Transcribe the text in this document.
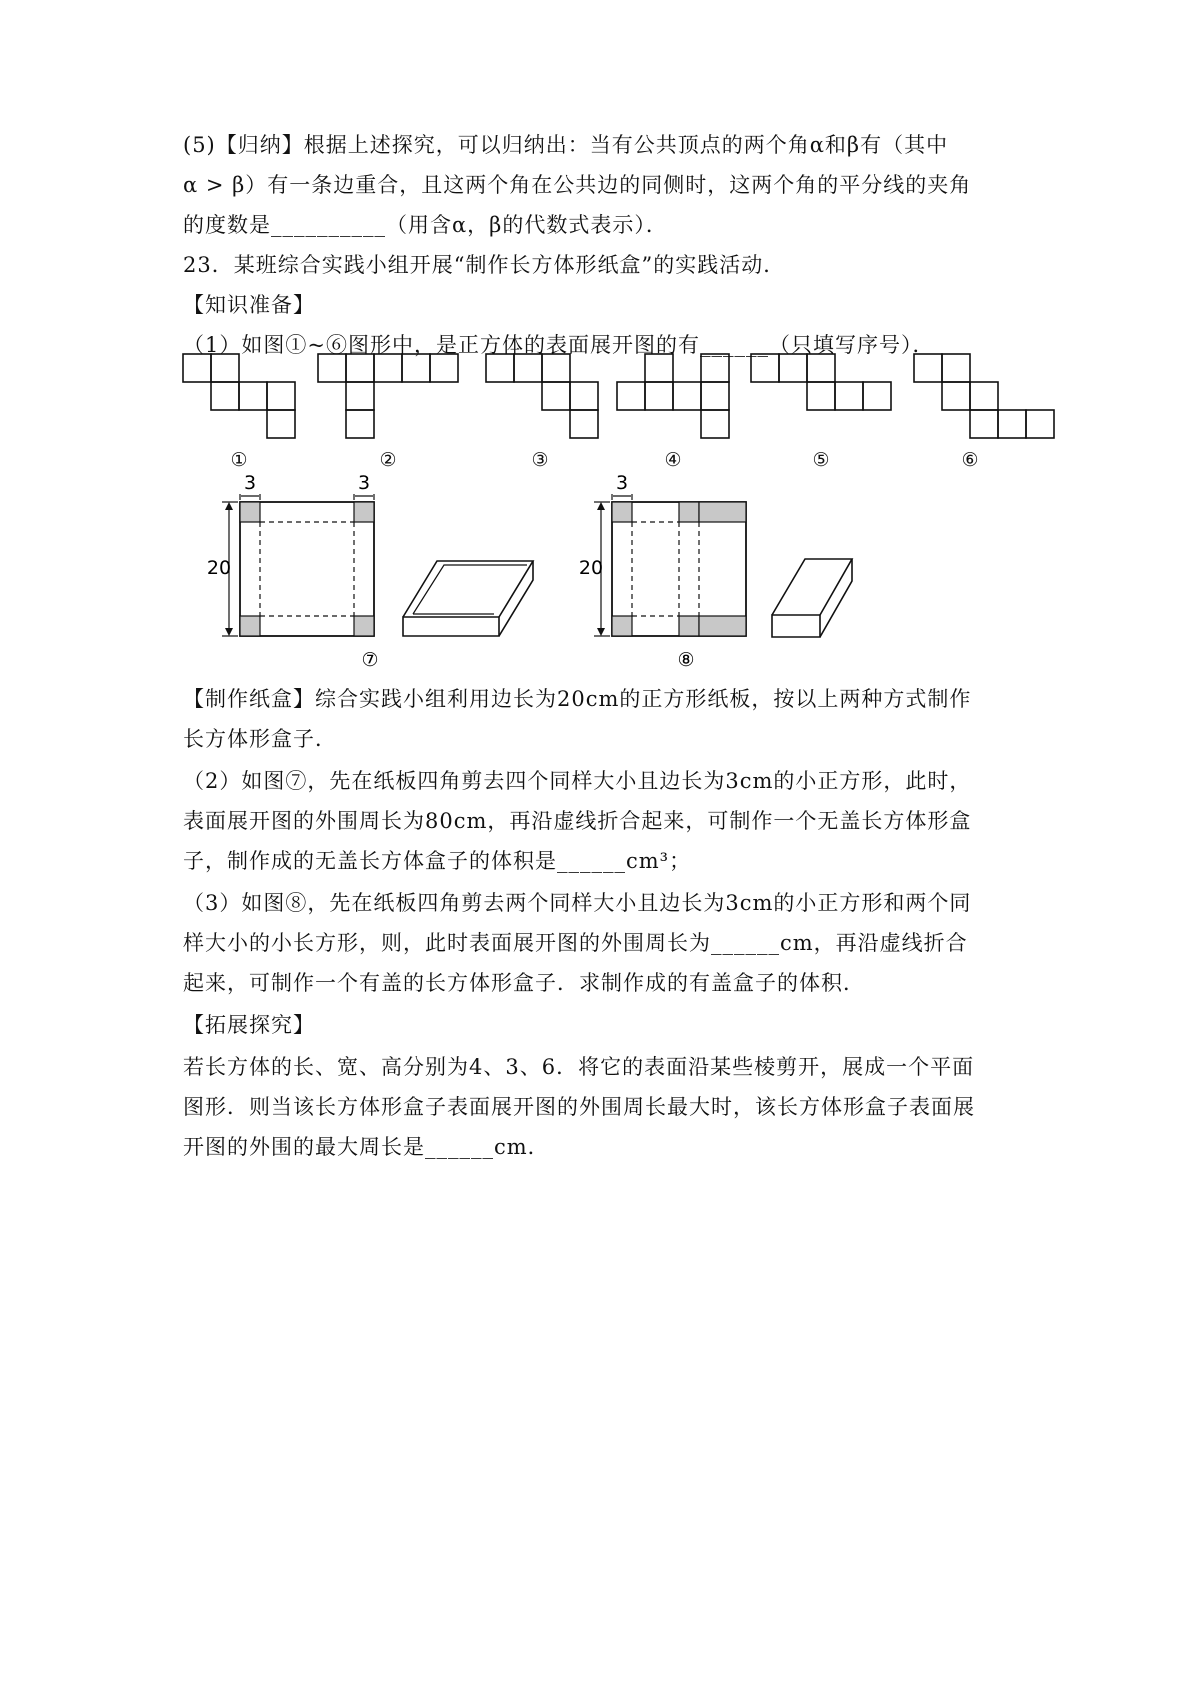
(5)【归纳】根据上述探究，可以归纳出：当有公共顶点的两个角α和β有（其中
α > β）有一条边重合，且这两个角在公共边的同侧时，这两个角的平分线的夹角
的度数是__________（用含α，β的代数式表示）．
23．某班综合实践小组开展“制作长方体形纸盒”的实践活动．
【知识准备】
（1）如图①~⑥图形中，是正方体的表面展开图的有______（只填写序号）．
①	②	③	④	⑤	⑥
3	3
20
⑦
3
20
⑧
【制作纸盒】综合实践小组利用边长为20cm的正方形纸板，按以上两种方式制作
长方体形盒子．
（2）如图⑦，先在纸板四角剪去四个同样大小且边长为3cm的小正方形，此时，
表面展开图的外围周长为80cm，再沿虚线折合起来，可制作一个无盖长方体形盒
子，制作成的无盖长方体盒子的体积是______cm³；
（3）如图⑧，先在纸板四角剪去两个同样大小且边长为3cm的小正方形和两个同
样大小的小长方形，则，此时表面展开图的外围周长为______cm，再沿虚线折合
起来，可制作一个有盖的长方体形盒子．求制作成的有盖盒子的体积．
【拓展探究】
若长方体的长、宽、高分别为4、3、6．将它的表面沿某些棱剪开，展成一个平面
图形．则当该长方体形盒子表面展开图的外围周长最大时，该长方体形盒子表面展
开图的外围的最大周长是______cm．
